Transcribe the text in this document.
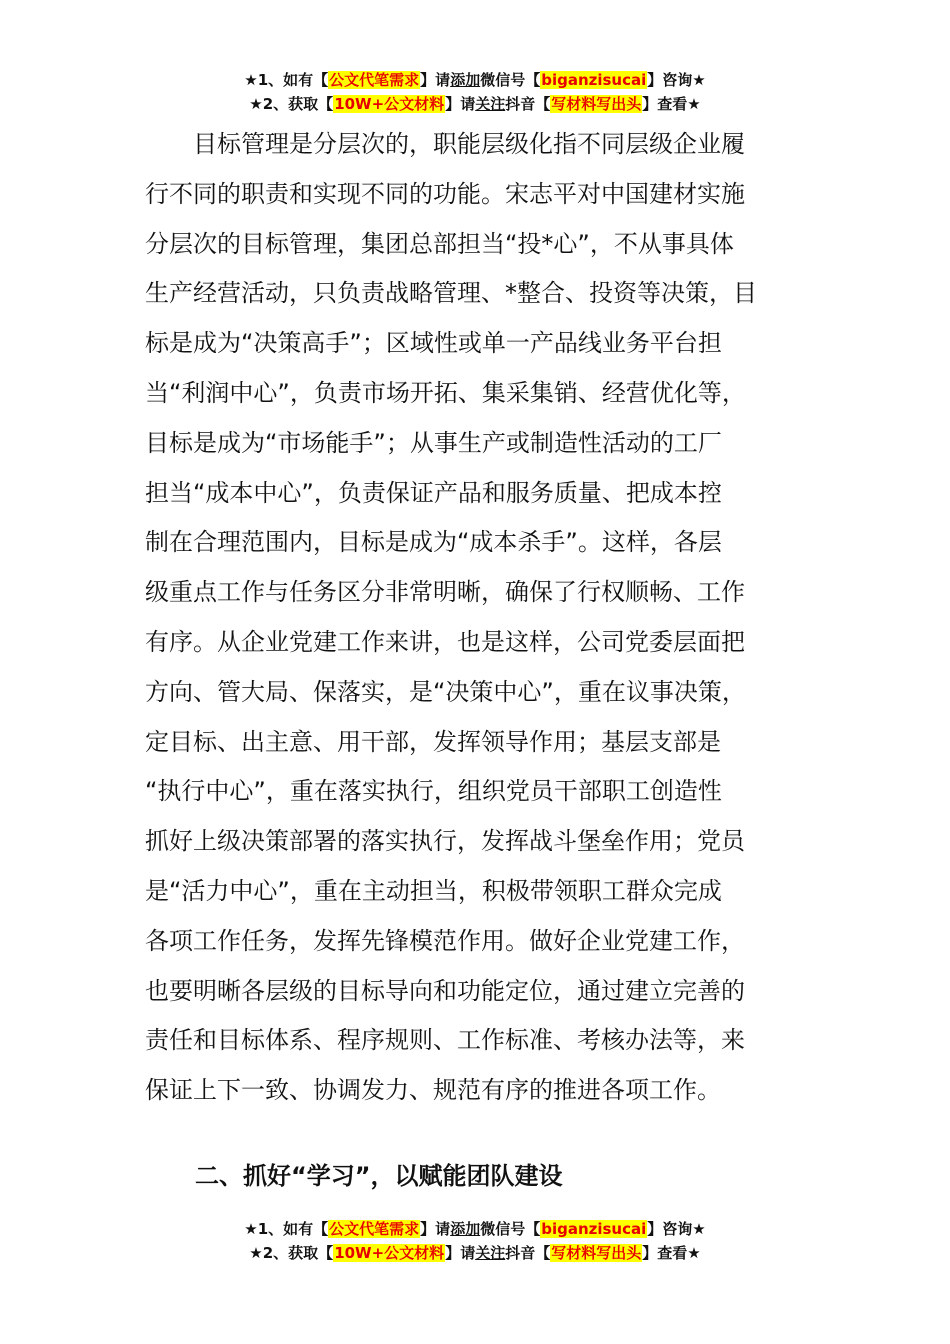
★1、如有【公文代笔需求】请添加微信号【biganzisucai】咨询★
★2、获取【10W+公文材料】请关注抖音【写材料写出头】查看★
　　目标管理是分层次的，职能层级化指不同层级企业履
行不同的职责和实现不同的功能。宋志平对中国建材实施
分层次的目标管理，集团总部担当“投*心”，不从事具体
生产经营活动，只负责战略管理、*整合、投资等决策，目
标是成为“决策高手”；区域性或单一产品线业务平台担
当“利润中心”，负责市场开拓、集采集销、经营优化等，
目标是成为“市场能手”；从事生产或制造性活动的工厂
担当“成本中心”，负责保证产品和服务质量、把成本控
制在合理范围内，目标是成为“成本杀手”。这样，各层
级重点工作与任务区分非常明晰，确保了行权顺畅、工作
有序。从企业党建工作来讲，也是这样，公司党委层面把
方向、管大局、保落实，是“决策中心”，重在议事决策，
定目标、出主意、用干部，发挥领导作用；基层支部是
“执行中心”，重在落实执行，组织党员干部职工创造性
抓好上级决策部署的落实执行，发挥战斗堡垒作用；党员
是“活力中心”，重在主动担当，积极带领职工群众完成
各项工作任务，发挥先锋模范作用。做好企业党建工作，
也要明晰各层级的目标导向和功能定位，通过建立完善的
责任和目标体系、程序规则、工作标准、考核办法等，来
保证上下一致、协调发力、规范有序的推进各项工作。
二、抓好“学习”，以赋能团队建设
★1、如有【公文代笔需求】请添加微信号【biganzisucai】咨询★
★2、获取【10W+公文材料】请关注抖音【写材料写出头】查看★
